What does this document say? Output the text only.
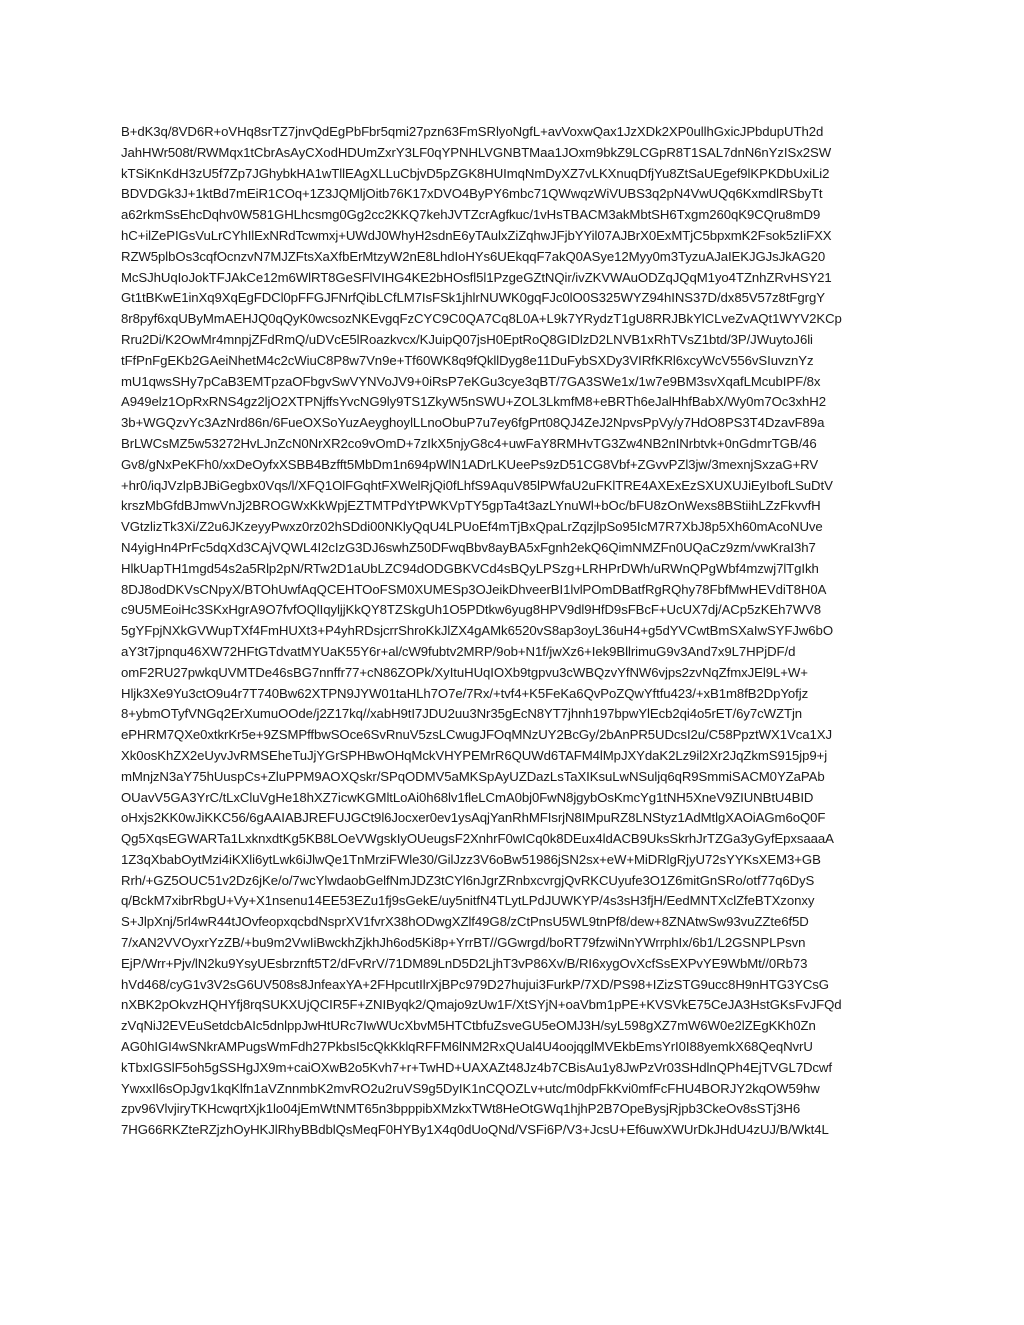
B+dK3q/8VD6R+oVHq8srTZ7jnvQdEgPbFbr5qmi27pzn63FmSRlyoNgfL+avVoxwQax1JzXDk2XP0ullhGxicJPbdupUTh2d
JahHWr508t/RWMqx1tCbrAsAyCXodHDUmZxrY3LF0qYPNHLVGNBTMaa1JOxm9bkZ9LCGpR8T1SAL7dnN6nYzISx2SW
kTSiKnKdH3zU5f7Zp7JGhybkHA1wTllEAgXLLuCbjvD5pZGK8HUImqNmDyXZ7vLKXnuqDfjYu8ZtSaUEgef9lKPKDbUxiLi2
BDVDGk3J+1ktBd7mEiR1COq+1Z3JQMljOitb76K17xDVO4ByPY6mbc71QWwqzWiVUBS3q2pN4VwUQq6KxmdlRSbyTt
a62rkmSsEhcDqhv0W581GHLhcsmg0Gg2cc2KKQ7kehJVTZcrAgfkuc/1vHsTBACM3akMbtSH6Txgm260qK9CQru8mD9
hC+ilZePIGsVuLrCYhIlExNRdTcwmxj+UWdJ0WhyH2sdnE6yTAulxZiZqhwJFjbYYil07AJBrX0ExMTjC5bpxmK2Fsok5zIiFXX
RZW5plbOs3cqfOcnzvN7MJZFtsXaXfbErMtzyW2nE8LhdIoHYs6UEkqqF7akQ0ASye12Myy0m3TyzuAJaIEKJGJsJkAG20
McSJhUqIoJokTFJAkCe12m6WlRT8GeSFlVIHG4KE2bHOsfl5l1PzgeGZtNQir/ivZKVWAuODZqJQqM1yo4TZnhZRvHSY21
Gt1tBKwE1inXq9XqEgFDCl0pFFGJFNrfQibLCfLM7IsFSk1jhlrNUWK0gqFJc0lO0S325WYZ94hINS37D/dx85V57z8tFgrgY
8r8pyf6xqUByMmAEHJQ0qQyK0wcsozNKEvgqFzCYC9C0QA7Cq8L0A+L9k7YRydzT1gU8RRJBkYlCLveZvAQt1WYV2KCp
Rru2Di/K2OwMr4mnpjZFdRmQ/uDVcE5lRoazkvcx/KJuipQ07jsH0EptRoQ8GIDlzD2LNVB1xRhTVsZ1btd/3P/JWuytoJ6li
tFfPnFgEKb2GAeiNhetM4c2cWiuC8P8w7Vn9e+Tf60WK8q9fQkllDyg8e11DuFybSXDy3VIRfKRl6xcyWcV556vSIuvznYz
mU1qwsSHy7pCaB3EMTpzaOFbgvSwVYNVoJV9+0iRsP7eKGu3cye3qBT/7GA3SWe1x/1w7e9BM3svXqafLMcubIPF/8x
A949elz1OpRxRNS4gz2ljO2XTPNjffsYvcNG9ly9TS1ZkyW5nSWU+ZOL3LkmfM8+eBRTh6eJalHhfBabX/Wy0m7Oc3xhH2
3b+WGQzvYc3AzNrd86n/6FueOXSoYuzAeyghoylLLnoObuP7u7ey6fgPrt08QJ4ZeJ2NpvsPpVy/y7HdO8PS3T4DzavF89a
BrLWCsMZ5w53272HvLJnZcN0NrXR2co9vOmD+7zIkX5njyG8c4+uwFaY8RMHvTG3Zw4NB2nINrbtvk+0nGdmrTGB/46
Gv8/gNxPeKFh0/xxDeOyfxXSBB4Bzfft5MbDm1n694pWlN1ADrLKUeePs9zD51CG8Vbf+ZGvvPZl3jw/3mexnjSxzaG+RV
+hr0/iqJVzlpBJBiGegbx0Vqs/l/XFQ1OlFGqhtFXWelRjQi0fLhfS9AquV85lPWfaU2uFKlTRE4AXExEzSXUXUJiEyIbofLSuDtV
krszMbGfdBJmwVnJj2BROGWxKkWpjEZTMTPdYtPWKVpTY5gpTa4t3azLYnuWl+bOc/bFU8zOnWexs8BStiihLZzFkvvfH
VGtzlizTk3Xi/Z2u6JKzeyyPwxz0rz02hSDdi00NKlyQqU4LPUoEf4mTjBxQpaLrZqzjlpSo95IcM7R7XbJ8p5Xh60mAcoNUve
N4yigHn4PrFc5dqXd3CAjVQWL4I2cIzG3DJ6swhZ50DFwqBbv8ayBA5xFgnh2ekQ6QimNMZFn0UQaCz9zm/vwKraI3h7
HlkUapTH1mgd54s2a5Rlp2pN/RTw2D1aUbLZC94dODGBKVCd4sBQyLPSzg+LRHPrDWh/uRWnQPgWbf4mzwj7lTgIkh
8DJ8odDKVsCNpyX/BTOhUwfAqQCEHTOoFSM0XUMESp3OJeikDhveerBI1lvlPOmDBatfRgRQhy78FbfMwHEVdiT8H0A
c9U5MEoiHc3SKxHgrA9O7fvfOQlIqyljjKkQY8TZSkgUh1O5PDtkw6yug8HPV9dl9HfD9sFBcF+UcUX7dj/ACp5zKEh7WV8
5gYFpjNXkGVWupTXf4FmHUXt3+P4yhRDsjcrrShroKkJlZX4gAMk6520vS8ap3oyL36uH4+g5dYVCwtBmSXaIwSYFJw6bO
aY3t7jpnqu46XW72HFtGTdvatMYUaK55Y6r+al/cW9fubtv2MRP/9ob+N1f/jwXz6+Iek9BllrimuG9v3And7x9L7HPjDF/d
omF2RU27pwkqUVMTDe46sBG7nnffr77+cN86ZOPk/XyItuHUqIOXb9tgpvu3cWBQzvYfNW6vjps2zvNqZfmxJEl9L+W+
Hljk3Xe9Yu3ctO9u4r7T740Bw62XTPN9JYW01taHLh7O7e/7Rx/+tvf4+K5FeKa6QvPoZQwYftfu423/+xB1m8fB2DpYofjz
8+ybmOTyfVNGq2ErXumuOOde/j2Z17kq//xabH9tI7JDU2uu3Nr35gEcN8YT7jhnh197bpwYlEcb2qi4o5rET/6y7cWZTjn
ePHRM7QXe0xtkrKr5e+9ZSMPffbwSOce6SvRnuV5zsLCwugJFOqMNzUY2BcGy/2bAnPR5UDcsI2u/C58PpztWX1Vca1XJ
Xk0osKhZX2eUyvJvRMSEheTuJjYGrSPHBwOHqMckVHYPEMrR6QUWd6TAFM4lMpJXYdaK2Lz9il2Xr2JqZkmS915jp9+j
mMnjzN3aY75hUuspCs+ZluPPM9AOXQskr/SPqODMV5aMKSpAyUZDazLsTaXIKsuLwNSuljq6qR9SmmiSACM0YZaPAb
OUavV5GA3YrC/tLxCluVgHe18hXZ7icwKGMltLoAi0h68lv1fleLCmA0bj0FwN8jgybOsKmcYg1tNH5XneV9ZIUNBtU4BID
oHxjs2KK0wJiKKC56/6gAAIABJREFUJGCt9l6Jocxer0ev1ysAqjYanRhMFIsrjN8IMpuRZ8LNStyz1AdMtlgXAOiAGm6oQ0F
Qg5XqsEGWARTa1LxknxdtKg5KB8LOeVWgskIyOUeugsF2XnhrF0wICq0k8DEux4ldACB9UksSkrhJrTZGa3yGyfEpxsaaaA
1Z3qXbabOytMzi4iKXli6ytLwk6iJlwQe1TnMrziFWle30/GilJzz3V6oBw51986jSN2sx+eW+MiDRlgRjyU72sYYKsXEM3+GB
Rrh/+GZ5OUC51v2Dz6jKe/o/7wcYlwdaobGelfNmJDZ3tCYl6nJgrZRnbxcvrgjQvRKCUyufe3O1Z6mitGnSRo/otf77q6DyS
q/BckM7xibrRbgU+Vy+X1nsenu14EE53EZu1fj9sGekE/uy5nitfN4TLytLPdJUWKYP/4s3sH3fjH/EedMNTXclZfeBTXzonxy
S+JlpXnj/5rl4wR44tJOvfeopxqcbdNsprXV1fvrX38hODwgXZlf49G8/zCtPnsU5WL9tnPf8/dew+8ZNAtwSw93vuZZte6f5D
7/xAN2VVOyxrYzZB/+bu9m2VwIiBwckhZjkhJh6od5Ki8p+YrrBT//GGwrgd/boRT79fzwiNnYWrrphIx/6b1/L2GSNPLPsvn
EjP/Wrr+Pjv/lN2ku9YsyUEsbrznft5T2/dFvRrV/71DM89LnD5D2LjhT3vP86Xv/B/RI6xygOvXcfSsEXPvYE9WbMt//0Rb73
hVd468/cyG1v3V2sG6UV508s8JnfeaxYA+2FHpcutIlrXjBPc979D27hujui3FurkP/7XD/PS98+IZizSTG9ucc8H9nHTG3YCsG
nXBK2pOkvzHQHYfj8rqSUKXUjQCIR5F+ZNIByqk2/Qmajo9zUw1F/XtSYjN+oaVbm1pPE+KVSVkE75CeJA3HstGKsFvJFQd
zVqNiJ2EVEuSetdcbAIc5dnlppJwHtURc7IwWUcXbvM5HTCtbfuZsveGU5eOMJ3H/syL598gXZ7mW6W0e2lZEgKKh0Zn
AG0hIGI4wSNkrAMPugsWmFdh27PkbsI5cQkKklqRFFM6lNM2RxQUal4U4oojqglMVEkbEmsYrI0I88yemkX68QeqNvrU
kTbxIGSlF5oh5gSSHgJX9m+caiOXwB2o5Kvh7+r+TwHD+UAXAZt48Jz4b7CBisAu1y8JwPzVr03SHdlnQPh4EjTVGL7Dcwf
YwxxIl6sOpJgv1kqKlfn1aVZnnmbK2mvRO2u2ruVS9g5DyIK1nCQOZLv+utc/m0dpFkKvi0mfFcFHU4BORJY2kqOW59hw
zpv96VlvjiryTKHcwqrtXjk1lo04jEmWtNMT65n3bpppibXMzkxTWt8HeOtGWq1hjhP2B7OpeBysjRjpb3CkeOv8sSTj3H6
7HG66RKZteRZjzhOyHKJlRhyBBdblQsMeqF0HYBy1X4q0dUoQNd/VSFi6P/V3+JcsU+Ef6uwXWUrDkJHdU4zUJ/B/Wkt4L
